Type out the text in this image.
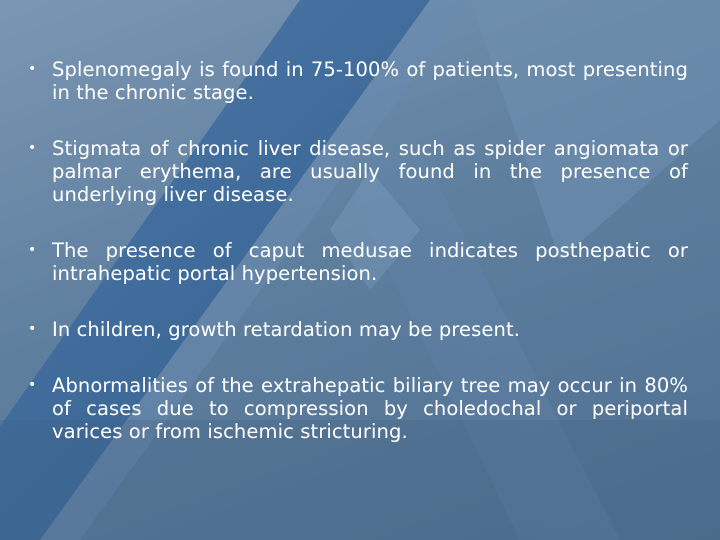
• Splenomegaly is found in 75-100% of patients, most presenting in the chronic stage.
• Stigmata of chronic liver disease, such as spider angiomata or palmar erythema, are usually found in the presence of underlying liver disease.
• The presence of caput medusae indicates posthepatic or intrahepatic portal hypertension.
• In children, growth retardation may be present.
• Abnormalities of the extrahepatic biliary tree may occur in 80% of cases due to compression by choledochal or periportal varices or from ischemic stricturing.
